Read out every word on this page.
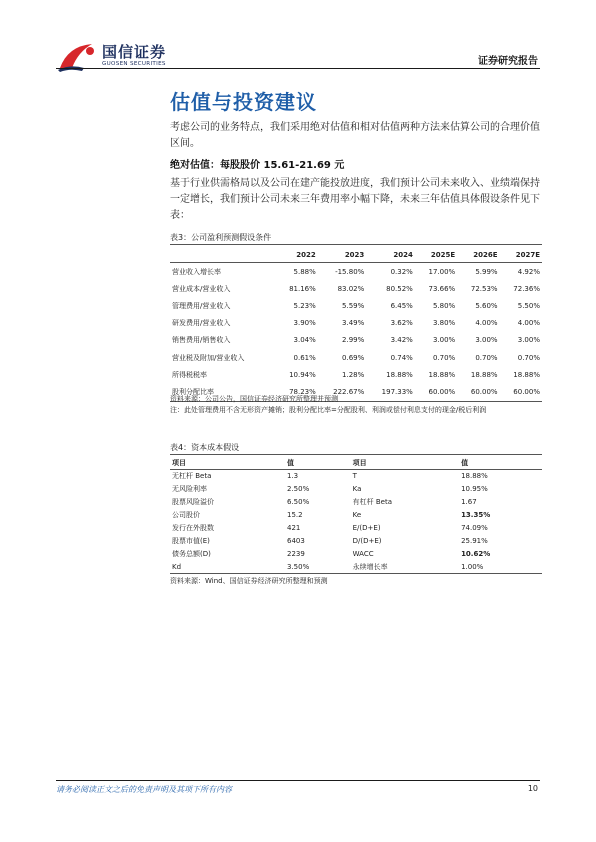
国信证券
GUOSEN SECURITIES	证券研究报告
估值与投资建议
考虑公司的业务特点，我们采用绝对估值和相对估值两种方法来估算公司的合理价值区间。
绝对估值：每股股价 15.61-21.69 元
基于行业供需格局以及公司在建产能投放进度，我们预计公司未来收入、业绩端保持一定增长，我们预计公司未来三年费用率小幅下降，未来三年估值具体假设条件见下表：
表3：公司盈利预测假设条件
	2022	2023	2024	2025E	2026E	2027E
营业收入增长率	5.88%	-15.80%	0.32%	17.00%	5.99%	4.92%
营业成本/营业收入	81.16%	83.02%	80.52%	73.66%	72.53%	72.36%
管理费用/营业收入	5.23%	5.59%	6.45%	5.80%	5.60%	5.50%
研发费用/营业收入	3.90%	3.49%	3.62%	3.80%	4.00%	4.00%
销售费用/销售收入	3.04%	2.99%	3.42%	3.00%	3.00%	3.00%
营业税及附加/营业收入	0.61%	0.69%	0.74%	0.70%	0.70%	0.70%
所得税税率	10.94%	1.28%	18.88%	18.88%	18.88%	18.88%
股利分配比率	78.23%	222.67%	197.33%	60.00%	60.00%	60.00%
资料来源：公司公告，国信证券经济研究所整理并预测
注：此处管理费用不含无形资产摊销；股利分配比率=分配股利、利润或偿付利息支付的现金/税后利润
表4：资本成本假设
项目	值	项目	值
无杠杆 Beta	1.3	T	18.88%
无风险利率	2.50%	Ka	10.95%
股票风险溢价	6.50%	有杠杆 Beta	1.67
公司股价	15.2	Ke	13.35%
发行在外股数	421	E/(D+E)	74.09%
股票市值(E)	6403	D/(D+E)	25.91%
债务总额(D)	2239	WACC	10.62%
Kd	3.50%	永续增长率	1.00%
资料来源：Wind、国信证券经济研究所整理和预测
请务必阅读正文之后的免责声明及其项下所有内容	10
